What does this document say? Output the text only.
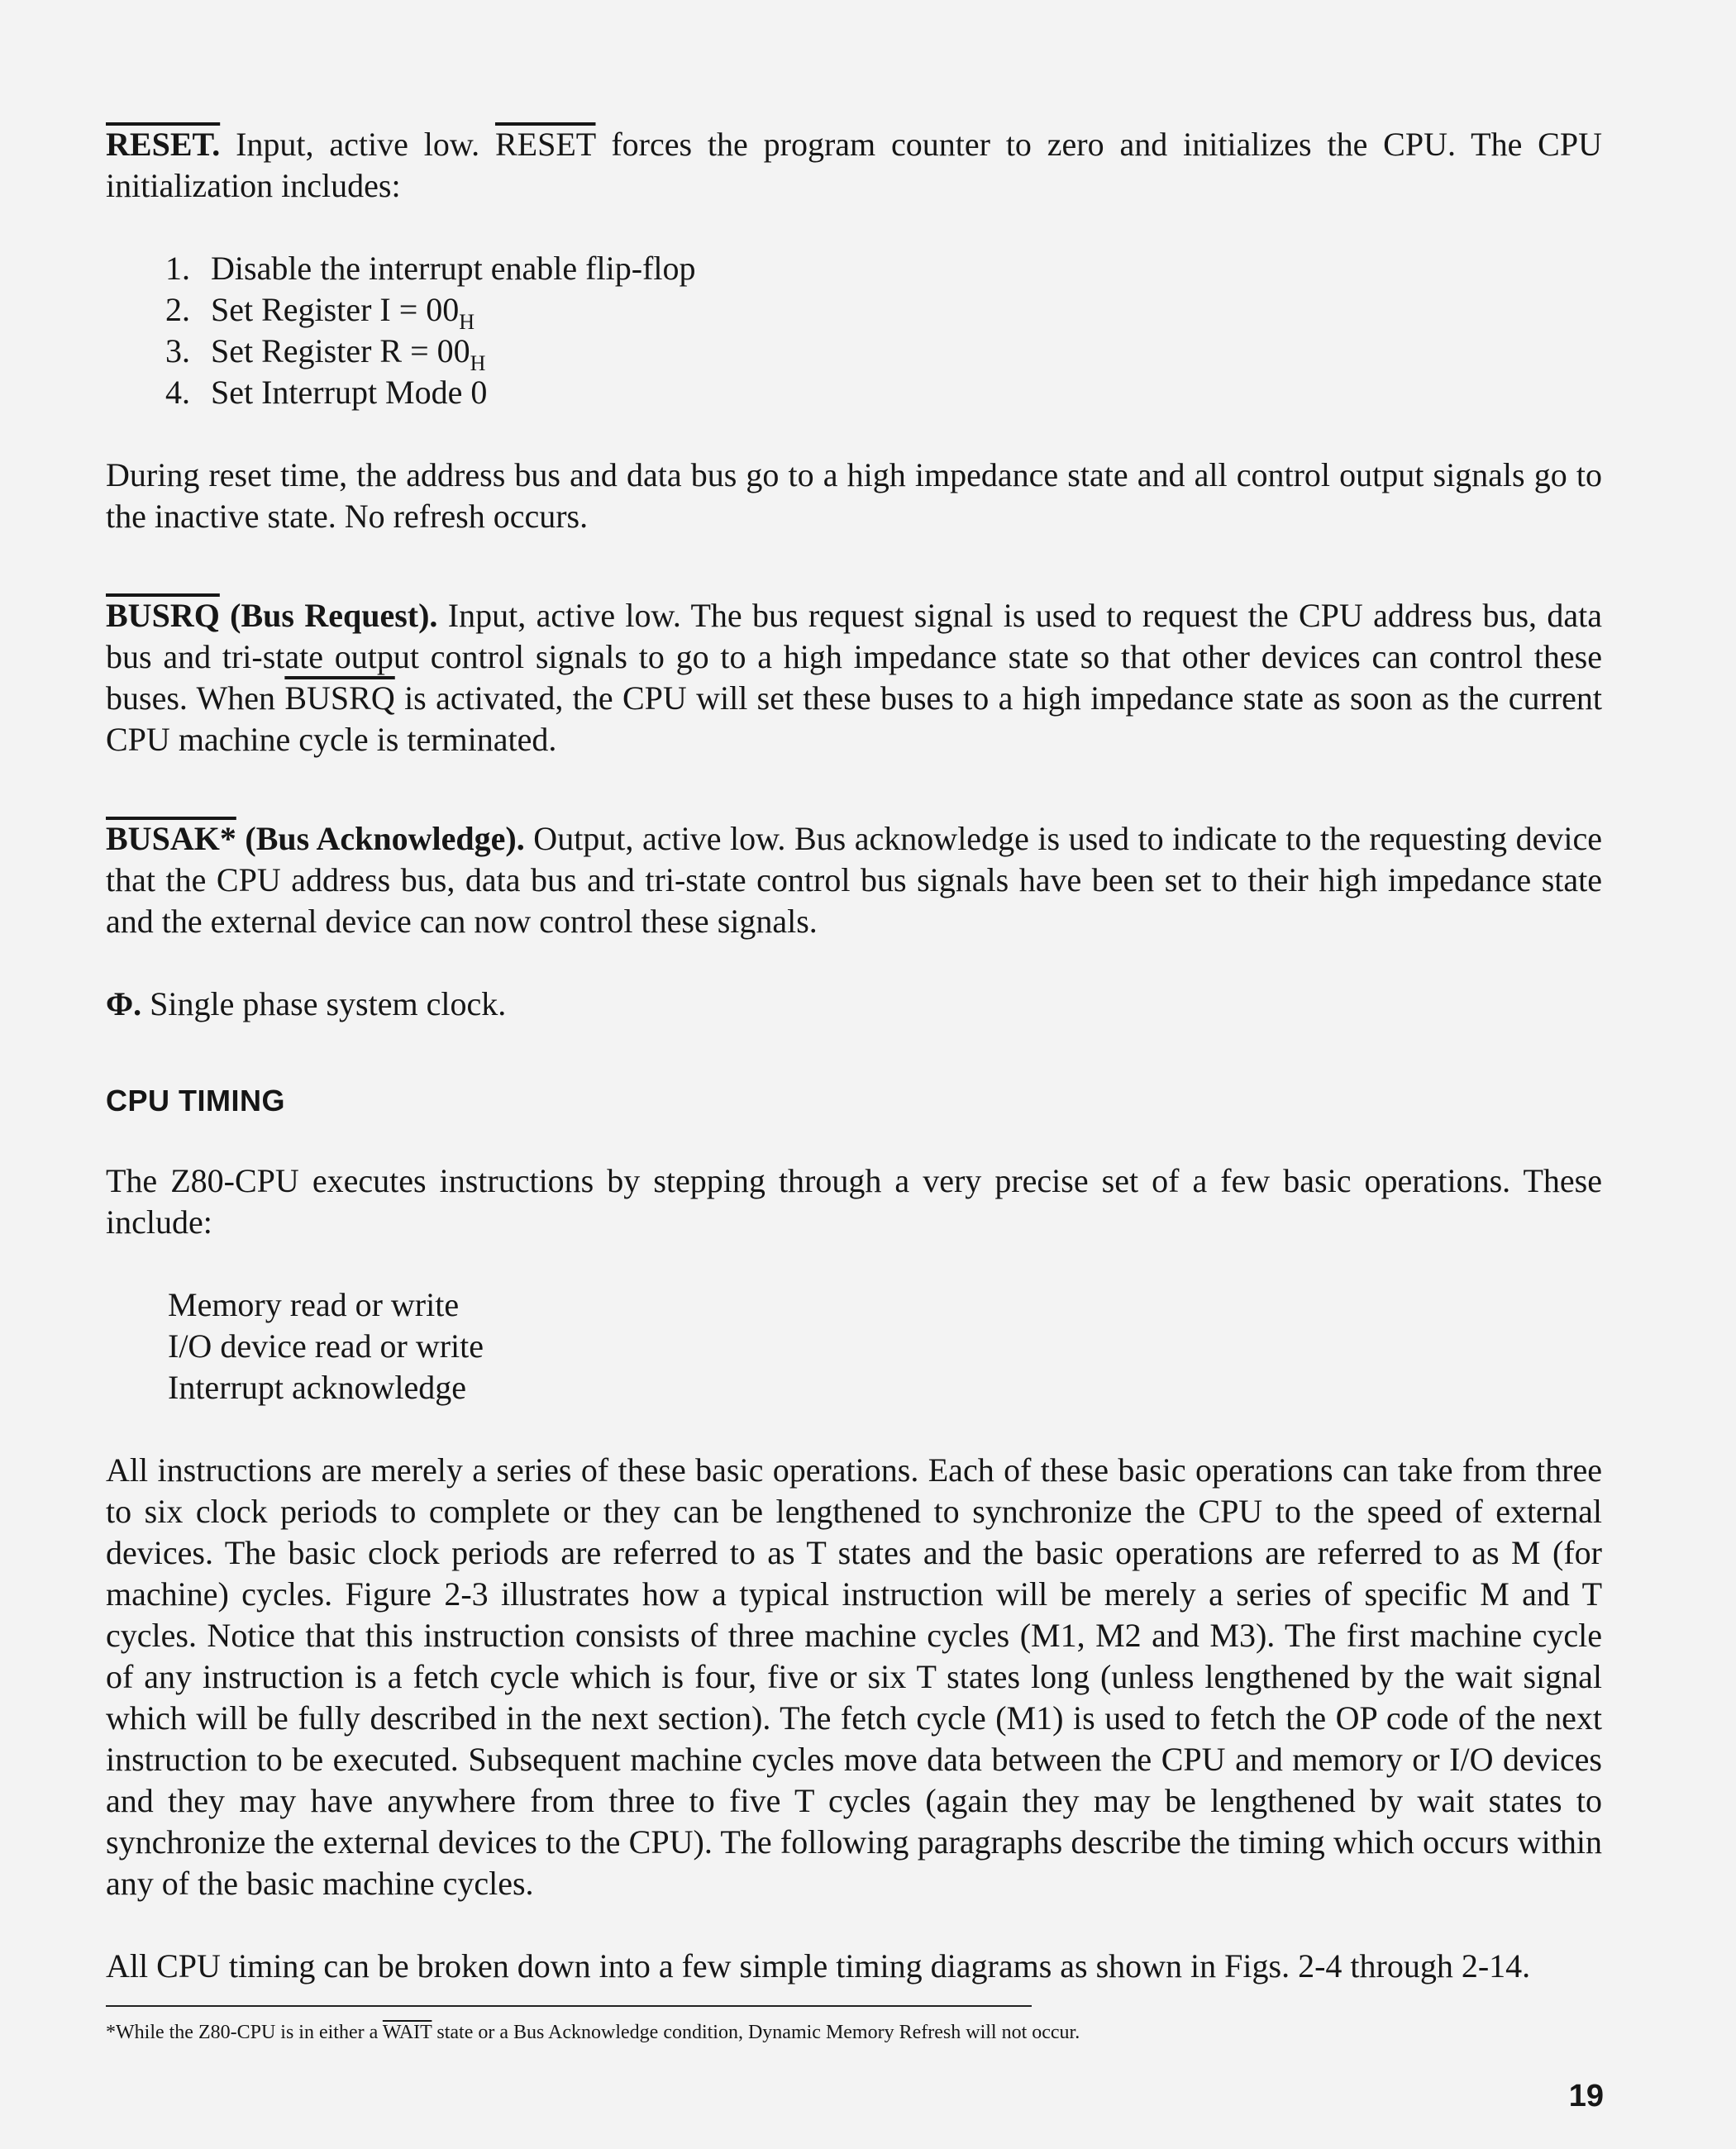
RESET. Input, active low. RESET forces the program counter to zero and initializes the CPU. The CPU initialization includes:

1. Disable the interrupt enable flip-flop
2. Set Register $I = 00_H$
3. Set Register $R = 00_H$
4. Set Interrupt Mode 0

During reset time, the address bus and data bus go to a high impedance state and all control output signals go to the inactive state. No refresh occurs.

BUSRQ (Bus Request). Input, active low. The bus request signal is used to request the CPU address bus, data bus and tri-state output control signals to go to a high impedance state so that other devices can control these buses. When BUSRQ is activated, the CPU will set these buses to a high impedance state as soon as the current CPU machine cycle is terminated.

BUSAK* (Bus Acknowledge). Output, active low. Bus acknowledge is used to indicate to the requesting device that the CPU address bus, data bus and tri-state control bus signals have been set to their high impedance state and the external device can now control these signals.

Φ. Single phase system clock.

CPU TIMING

The Z80-CPU executes instructions by stepping through a very precise set of a few basic operations. These include:

Memory read or write
I/O device read or write
Interrupt acknowledge

All instructions are merely a series of these basic operations. Each of these basic operations can take from three to six clock periods to complete or they can be lengthened to synchronize the CPU to the speed of external devices. The basic clock periods are referred to as T states and the basic operations are referred to as M (for machine) cycles. Figure 2-3 illustrates how a typical instruction will be merely a series of specific M and T cycles. Notice that this instruction consists of three machine cycles (M1, M2 and M3). The first machine cycle of any instruction is a fetch cycle which is four, five or six T states long (unless lengthened by the wait signal which will be fully described in the next section). The fetch cycle (M1) is used to fetch the OP code of the next instruction to be executed. Subsequent machine cycles move data between the CPU and memory or I/O devices and they may have anywhere from three to five T cycles (again they may be lengthened by wait states to synchronize the external devices to the CPU). The following paragraphs describe the timing which occurs within any of the basic machine cycles.

All CPU timing can be broken down into a few simple timing diagrams as shown in Figs. 2-4 through 2-14.

*While the Z80-CPU is in either a WAIT state or a Bus Acknowledge condition, Dynamic Memory Refresh will not occur.

19
